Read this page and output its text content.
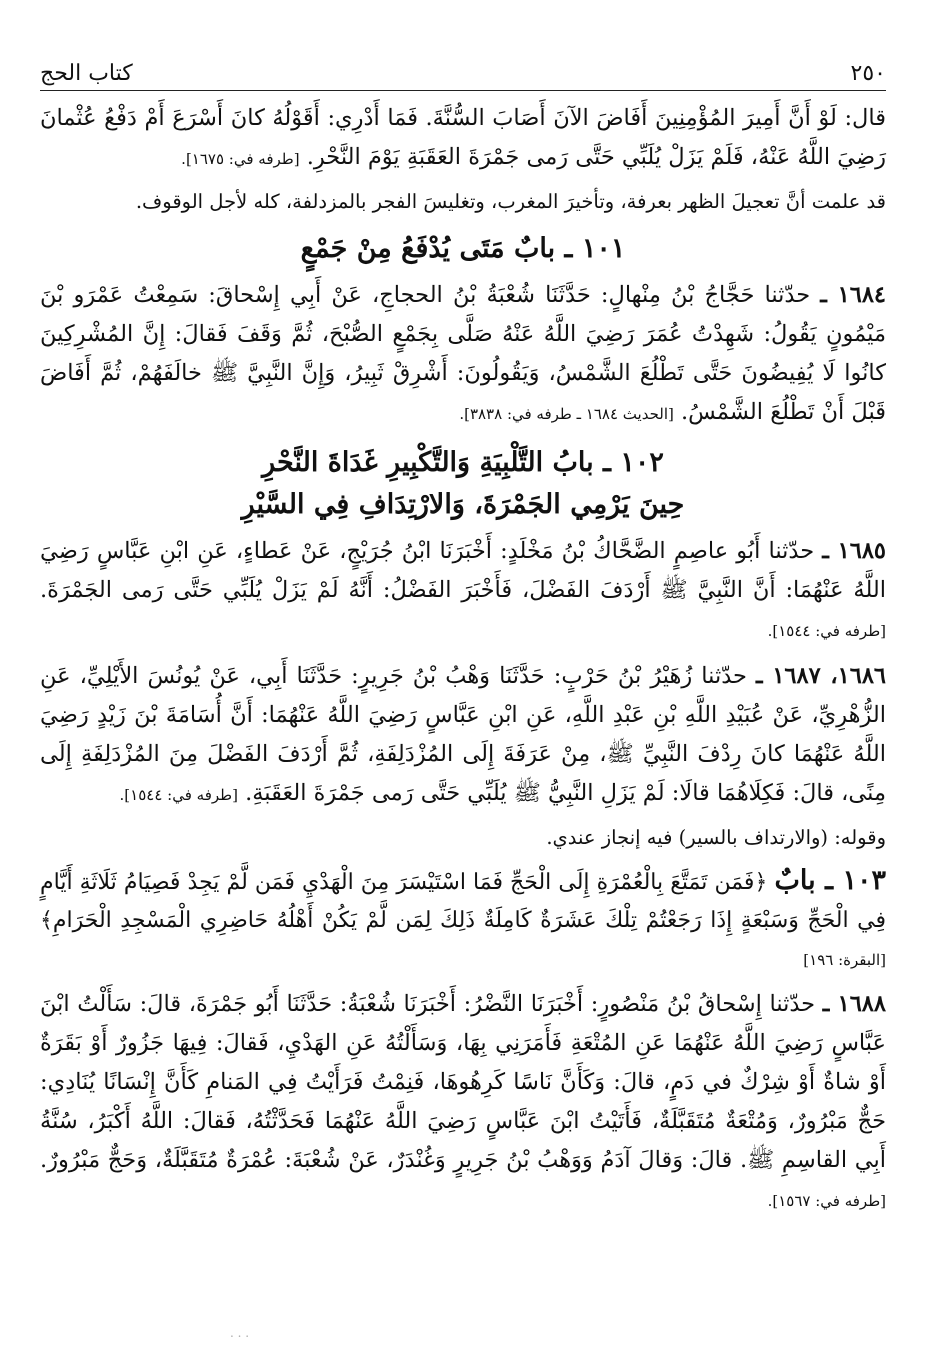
٢٥٠
كتاب الحج

قال: لَوْ أَنَّ أَمِيرَ المُؤْمِنِينَ أَفَاضَ الآنَ أَصَابَ السُّنَّةَ. فَمَا أَدْرِي: أَقَوْلُهُ كانَ أَسْرَعَ أَمْ دَفْعُ عُثْمانَ رَضِيَ اللَّهُ عَنْهُ، فَلَمْ يَزَلْ يُلَبِّي حَتَّى رَمى جَمْرَةَ العَقَبَةِ يَوْمَ النَّحْرِ. [طرفه في: ١٦٧٥].

قد علمت أنَّ تعجيلَ الظهر بعرفة، وتأخيرَ المغرب، وتغليسَ الفجر بالمزدلفة، كله لأجل الوقوف.

١٠١ ـ بابٌ مَتَى يُدْفَعُ مِنْ جَمْعٍ

١٦٨٤ ـ حدّثنا حَجَّاجُ بْنُ مِنْهالٍ: حَدَّثَنَا شُعْبَةُ بْنُ الحجاجِ، عَنْ أَبِي إِسْحاقَ: سَمِعْتُ عَمْرَو بْنَ مَيْمُونٍ يَقُولُ: شَهِدْتُ عُمَرَ رَضِيَ اللَّهُ عَنْهُ صَلَّى بِجَمْعٍ الصُّبْحَ، ثُمَّ وَقَفَ فَقالَ: إِنَّ المُشْرِكِينَ كانُوا لَا يُفِيضُونَ حَتَّى تَطْلُعَ الشَّمْسُ، وَيَقُولُونَ: أَشْرِقْ ثَبِيرُ، وَإِنَّ النَّبِيَّ ﷺ خالَفَهُمْ، ثُمَّ أَفَاضَ قَبْلَ أَنْ تَطْلُعَ الشَّمْسُ. [الحديث ١٦٨٤ ـ طرفه في: ٣٨٣٨].

١٠٢ ـ بابُ التَّلْبِيَةِ وَالتَّكْبِيرِ غَدَاةَ النَّحْرِ
حِينَ يَرْمِي الجَمْرَةَ، وَالارْتِدَافِ فِي السَّيْرِ

١٦٨٥ ـ حدّثنا أَبُو عاصِمٍ الضَّحَّاكُ بْنُ مَخْلَدٍ: أَخْبَرَنَا ابْنُ جُرَيْجٍ، عَنْ عَطاءٍ، عَنِ ابْنِ عَبَّاسٍ رَضِيَ اللَّهُ عَنْهُمَا: أَنَّ النَّبِيَّ ﷺ أَرْدَفَ الفَضْلَ، فَأَخْبَرَ الفَضْلُ: أَنَّهُ لَمْ يَزَلْ يُلَبِّي حَتَّى رَمى الجَمْرَةَ. [طرفه في: ١٥٤٤].

١٦٨٦، ١٦٨٧ ـ حدّثنا زُهَيْرُ بْنُ حَرْبٍ: حَدَّثَنَا وَهْبُ بْنُ جَرِيرٍ: حَدَّثَنَا أَبِي، عَنْ يُونُسَ الأَيْلِيِّ، عَنِ الزُّهْرِيِّ، عَنْ عُبَيْدِ اللَّهِ بْنِ عَبْدِ اللَّهِ، عَنِ ابْنِ عَبَّاسٍ رَضِيَ اللَّهُ عَنْهُمَا: أَنَّ أُسَامَةَ بْنَ زَيْدٍ رَضِيَ اللَّهُ عَنْهُمَا كانَ رِدْفَ النَّبِيِّ ﷺ، مِنْ عَرَفَةَ إِلَى المُزْدَلِفَةِ، ثُمَّ أَرْدَفَ الفَضْلَ مِنَ المُزْدَلِفَةِ إِلَى مِنًى، قالَ: فَكِلَاهُمَا قالَا: لَمْ يَزَلِ النَّبِيُّ ﷺ يُلَبِّي حَتَّى رَمى جَمْرَةَ العَقَبَةِ. [طرفه في: ١٥٤٤].

وقوله: (والارتداف بالسير) فيه إنجاز عندي.

١٠٣ ـ بابٌ ﴿فَمَن تَمَتَّعَ بِالْعُمْرَةِ إِلَى الْحَجِّ فَمَا اسْتَيْسَرَ مِنَ الْهَدْيِ فَمَن لَّمْ يَجِدْ فَصِيَامُ ثَلَاثَةِ أَيَّامٍ فِي الْحَجِّ وَسَبْعَةٍ إِذَا رَجَعْتُمْ تِلْكَ عَشَرَةٌ كَامِلَةٌ ذَلِكَ لِمَن لَّمْ يَكُنْ أَهْلُهُ حَاضِرِي الْمَسْجِدِ الْحَرَامِ﴾ [البقرة: ١٩٦]

١٦٨٨ ـ حدّثنا إِسْحاقُ بْنُ مَنْصُورٍ: أَخْبَرَنَا النَّضْرُ: أَخْبَرَنَا شُعْبَةُ: حَدَّثَنَا أَبُو جَمْرَةَ، قالَ: سَأَلْتُ ابْنَ عَبَّاسٍ رَضِيَ اللَّهُ عَنْهُمَا عَنِ المُتْعَةِ فَأَمَرَنِي بِهَا، وَسَأَلْتُهُ عَنِ الهَدْيِ، فَقالَ: فِيهَا جَزُورٌ أَوْ بَقَرَةٌ أَوْ شاةٌ أَوْ شِرْكٌ في دَمٍ، قالَ: وَكَأَنَّ نَاسًا كَرِهُوهَا، فَنِمْتُ فَرَأَيْتُ فِي المَنامِ كَأَنَّ إِنْسَانًا يُنَادِي: حَجٌّ مَبْرُورٌ، وَمُتْعَةٌ مُتَقَبَّلَةٌ، فَأَتَيْتُ ابْنَ عَبَّاسٍ رَضِيَ اللَّهُ عَنْهُمَا فَحَدَّثْتُهُ، فَقالَ: اللَّهُ أَكْبَرُ، سُنَّةُ أَبِي القاسِمِ ﷺ. قالَ: وَقالَ آدَمُ وَوَهْبُ بْنُ جَرِيرٍ وَغُنْدَرٌ، عَنْ شُعْبَةَ: عُمْرَةٌ مُتَقَبَّلَةٌ، وَحَجٌّ مَبْرُورٌ. [طرفه في: ١٥٦٧].

. . .
